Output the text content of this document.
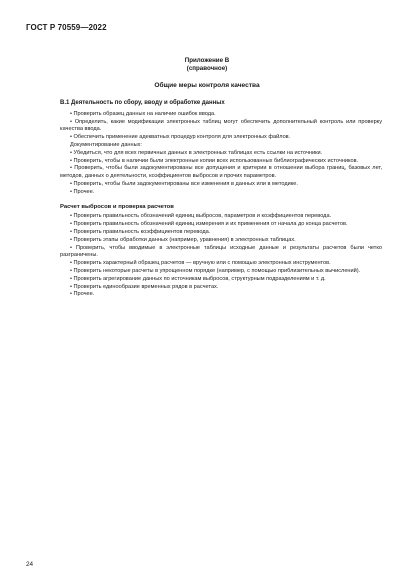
ГОСТ Р 70559—2022
Приложение В
(справочное)
Общие меры контроля качества

В.1 Деятельность по сбору, вводу и обработке данных

• Проверить образец данных на наличие ошибок ввода.

• Определить, какие модификации электронных таблиц могут обеспечить дополнительный контроль или проверку качества ввода.

• Обеспечить применение адекватных процедур контроля для электронных файлов.

Документирование данных:

• Убедиться, что для всех первичных данных в электронных таблицах есть ссылки на источники.

• Проверить, чтобы в наличии были электронные копии всех использованных библиографических источников.

• Проверить, чтобы были задокументированы все допущения и критерии в отношении выбора границ, базовых лет, методов, данных о деятельности, коэффициентов выбросов и прочих параметров.

• Проверить, чтобы были задокументированы все изменения в данных или в методике.

• Прочее.

Расчет выбросов и проверка расчетов

• Проверить правильность обозначений единиц выбросов, параметров и коэффициентов перевода.

• Проверить правильность обозначений единиц измерения и их применения от начала до конца расчетов.

• Проверить правильность коэффициентов перевода.

• Проверить этапы обработки данных (например, уравнения) в электронных таблицах.

• Проверить, чтобы вводимые в электронные таблицы исходные данные и результаты расчетов были четко разграничены.

• Проверить характерный образец расчетов — вручную или с помощью электронных инструментов.

• Проверить некоторые расчеты в упрощенном порядке (например, с помощью приблизительных вычислений).

• Проверить агрегирование данных по источникам выбросов, структурным подразделениям и т. д.

• Проверить единообразие временных рядов в расчетах.

• Прочее.

24
